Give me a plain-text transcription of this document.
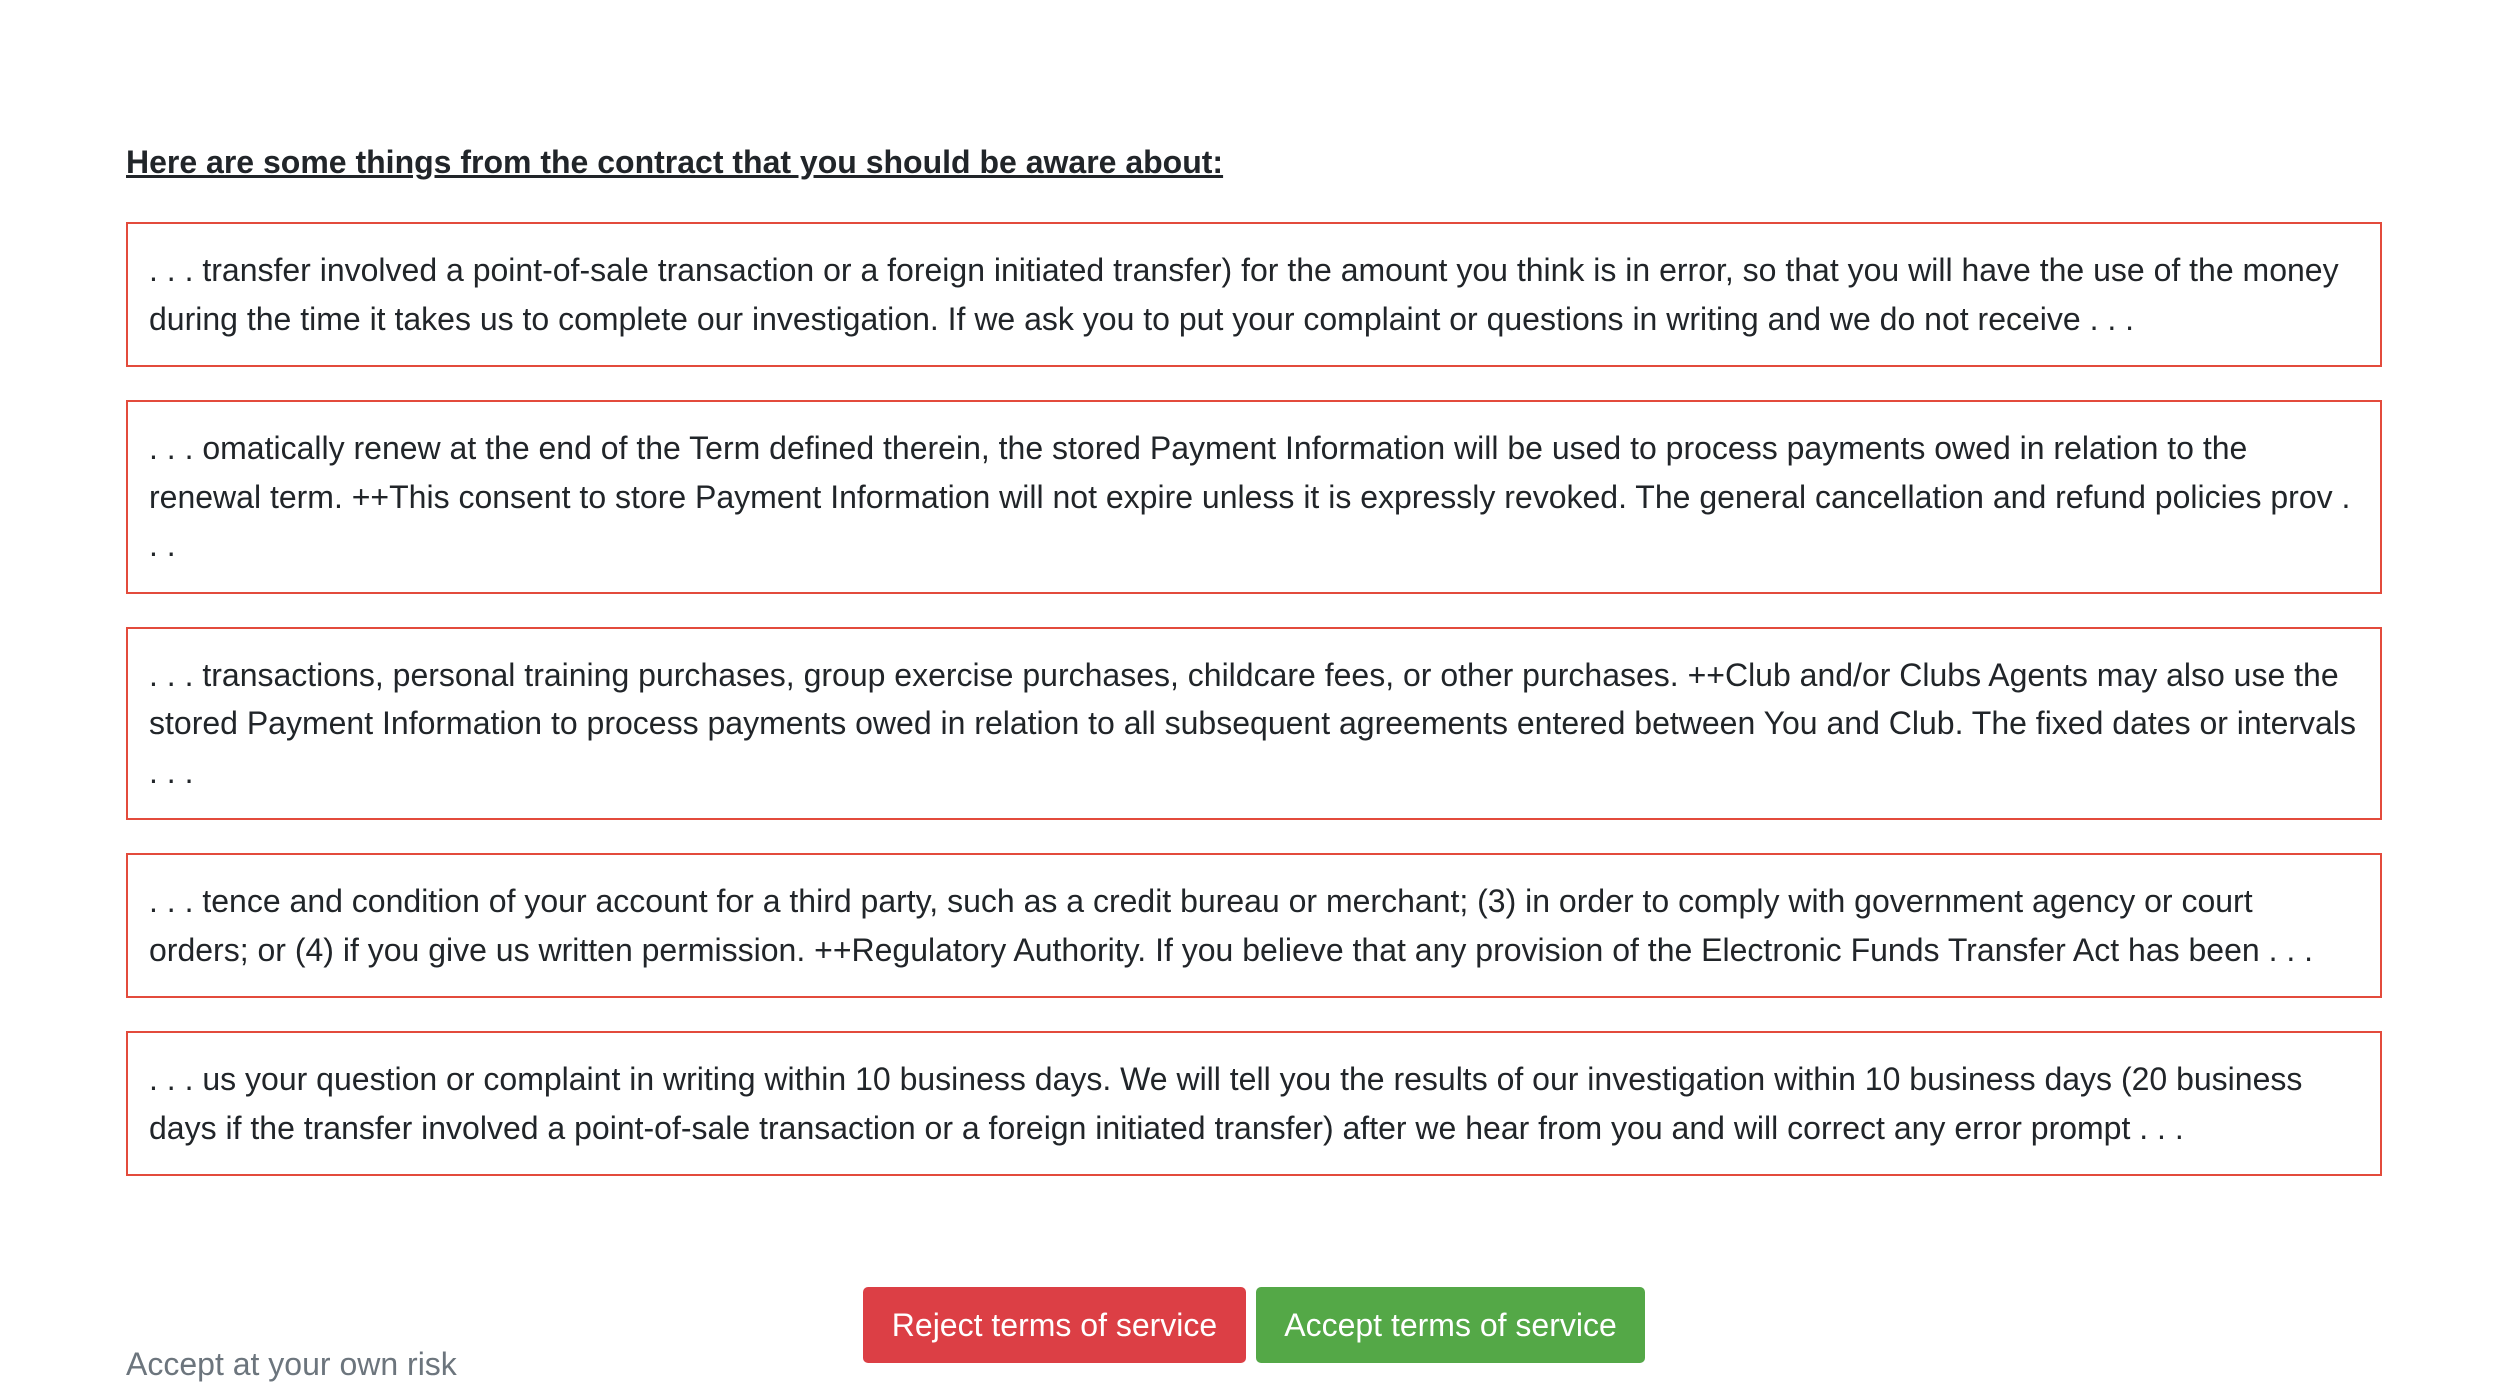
Here are some things from the contract that you should be aware about:
. . . transfer involved a point-of-sale transaction or a foreign initiated transfer) for the amount you think is in error, so that you will have the use of the money during the time it takes us to complete our investigation. If we ask you to put your complaint or questions in writing and we do not receive . . .
. . . omatically renew at the end of the Term defined therein, the stored Payment Information will be used to process payments owed in relation to the renewal term. ++This consent to store Payment Information will not expire unless it is expressly revoked. The general cancellation and refund policies prov . . .
. . . transactions, personal training purchases, group exercise purchases, childcare fees, or other purchases. ++Club and/or Clubs Agents may also use the stored Payment Information to process payments owed in relation to all subsequent agreements entered between You and Club. The fixed dates or intervals . . .
. . . tence and condition of your account for a third party, such as a credit bureau or merchant; (3) in order to comply with government agency or court orders; or (4) if you give us written permission. ++Regulatory Authority. If you believe that any provision of the Electronic Funds Transfer Act has been . . .
. . . us your question or complaint in writing within 10 business days. We will tell you the results of our investigation within 10 business days (20 business days if the transfer involved a point-of-sale transaction or a foreign initiated transfer) after we hear from you and will correct any error prompt . . .
Reject terms of service	Accept terms of service
Accept at your own risk
